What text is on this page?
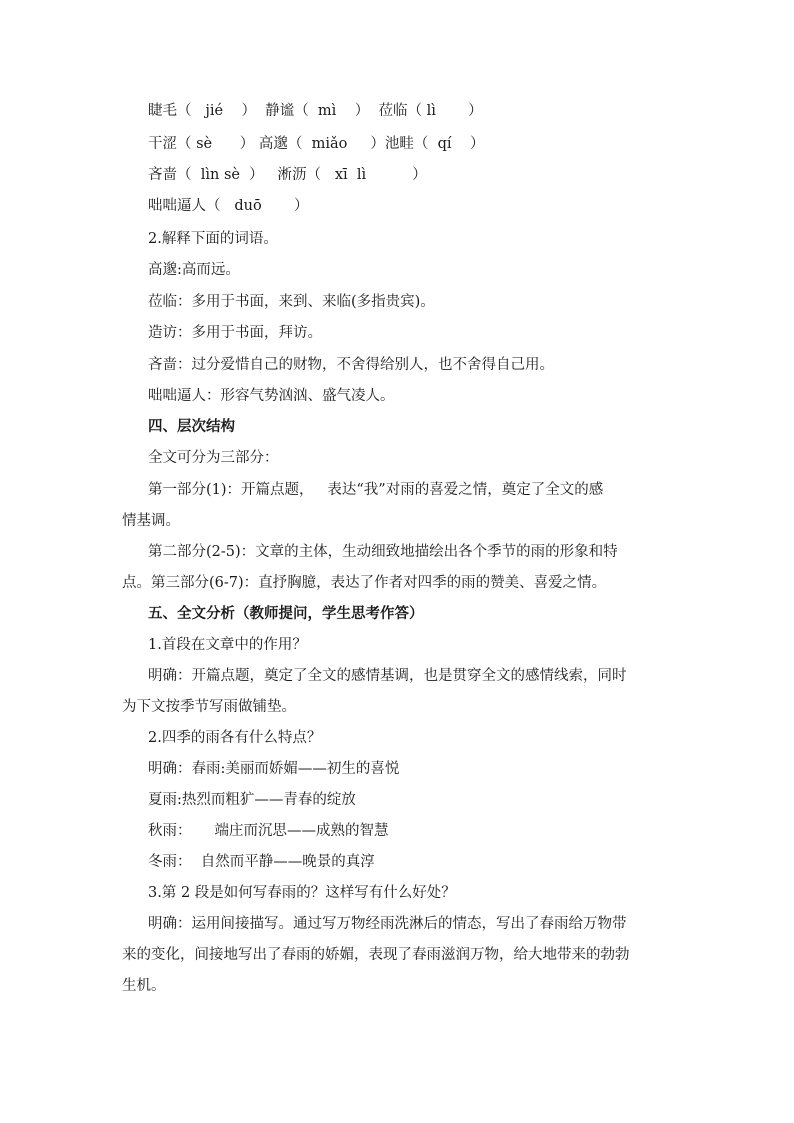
睫毛（   jié    ）  静谧（  mì    ）  莅临（ lì       ）
干涩（ sè      ） 高邈（  miǎo     ）池畦（  qí    ）
吝啬（  lìn sè  ）   淅沥（   xī  lì          ）
咄咄逼人（   duō       ）
2.解释下面的词语。
高邈:高而远。
莅临：多用于书面，来到、来临(多指贵宾)。
造访：多用于书面，拜访。
吝啬：过分爱惜自己的财物，不舍得给别人，也不舍得自己用。
咄咄逼人：形容气势汹汹、盛气凌人。
四、层次结构
全文可分为三部分：
第一部分(1)：开篇点题，   表达“我”对雨的喜爱之情，奠定了全文的感
情基调。
第二部分(2-5)：文章的主体，生动细致地描绘出各个季节的雨的形象和特
点。第三部分(6-7)：直抒胸臆，表达了作者对四季的雨的赞美、喜爱之情。
五、全文分析（教师提问，学生思考作答）
1.首段在文章中的作用？
明确：开篇点题，奠定了全文的感情基调，也是贯穿全文的感情线索，同时
为下文按季节写雨做铺垫。
2.四季的雨各有什么特点？
明确：春雨:美丽而娇媚——初生的喜悦
夏雨:热烈而粗犷——青春的绽放
秋雨：     端庄而沉思——成熟的智慧
冬雨：  自然而平静——晚景的真淳
3.第 2 段是如何写春雨的？这样写有什么好处？
明确：运用间接描写。通过写万物经雨洗淋后的情态，写出了春雨给万物带
来的变化，间接地写出了春雨的娇媚，表现了春雨滋润万物，给大地带来的勃勃
生机。
